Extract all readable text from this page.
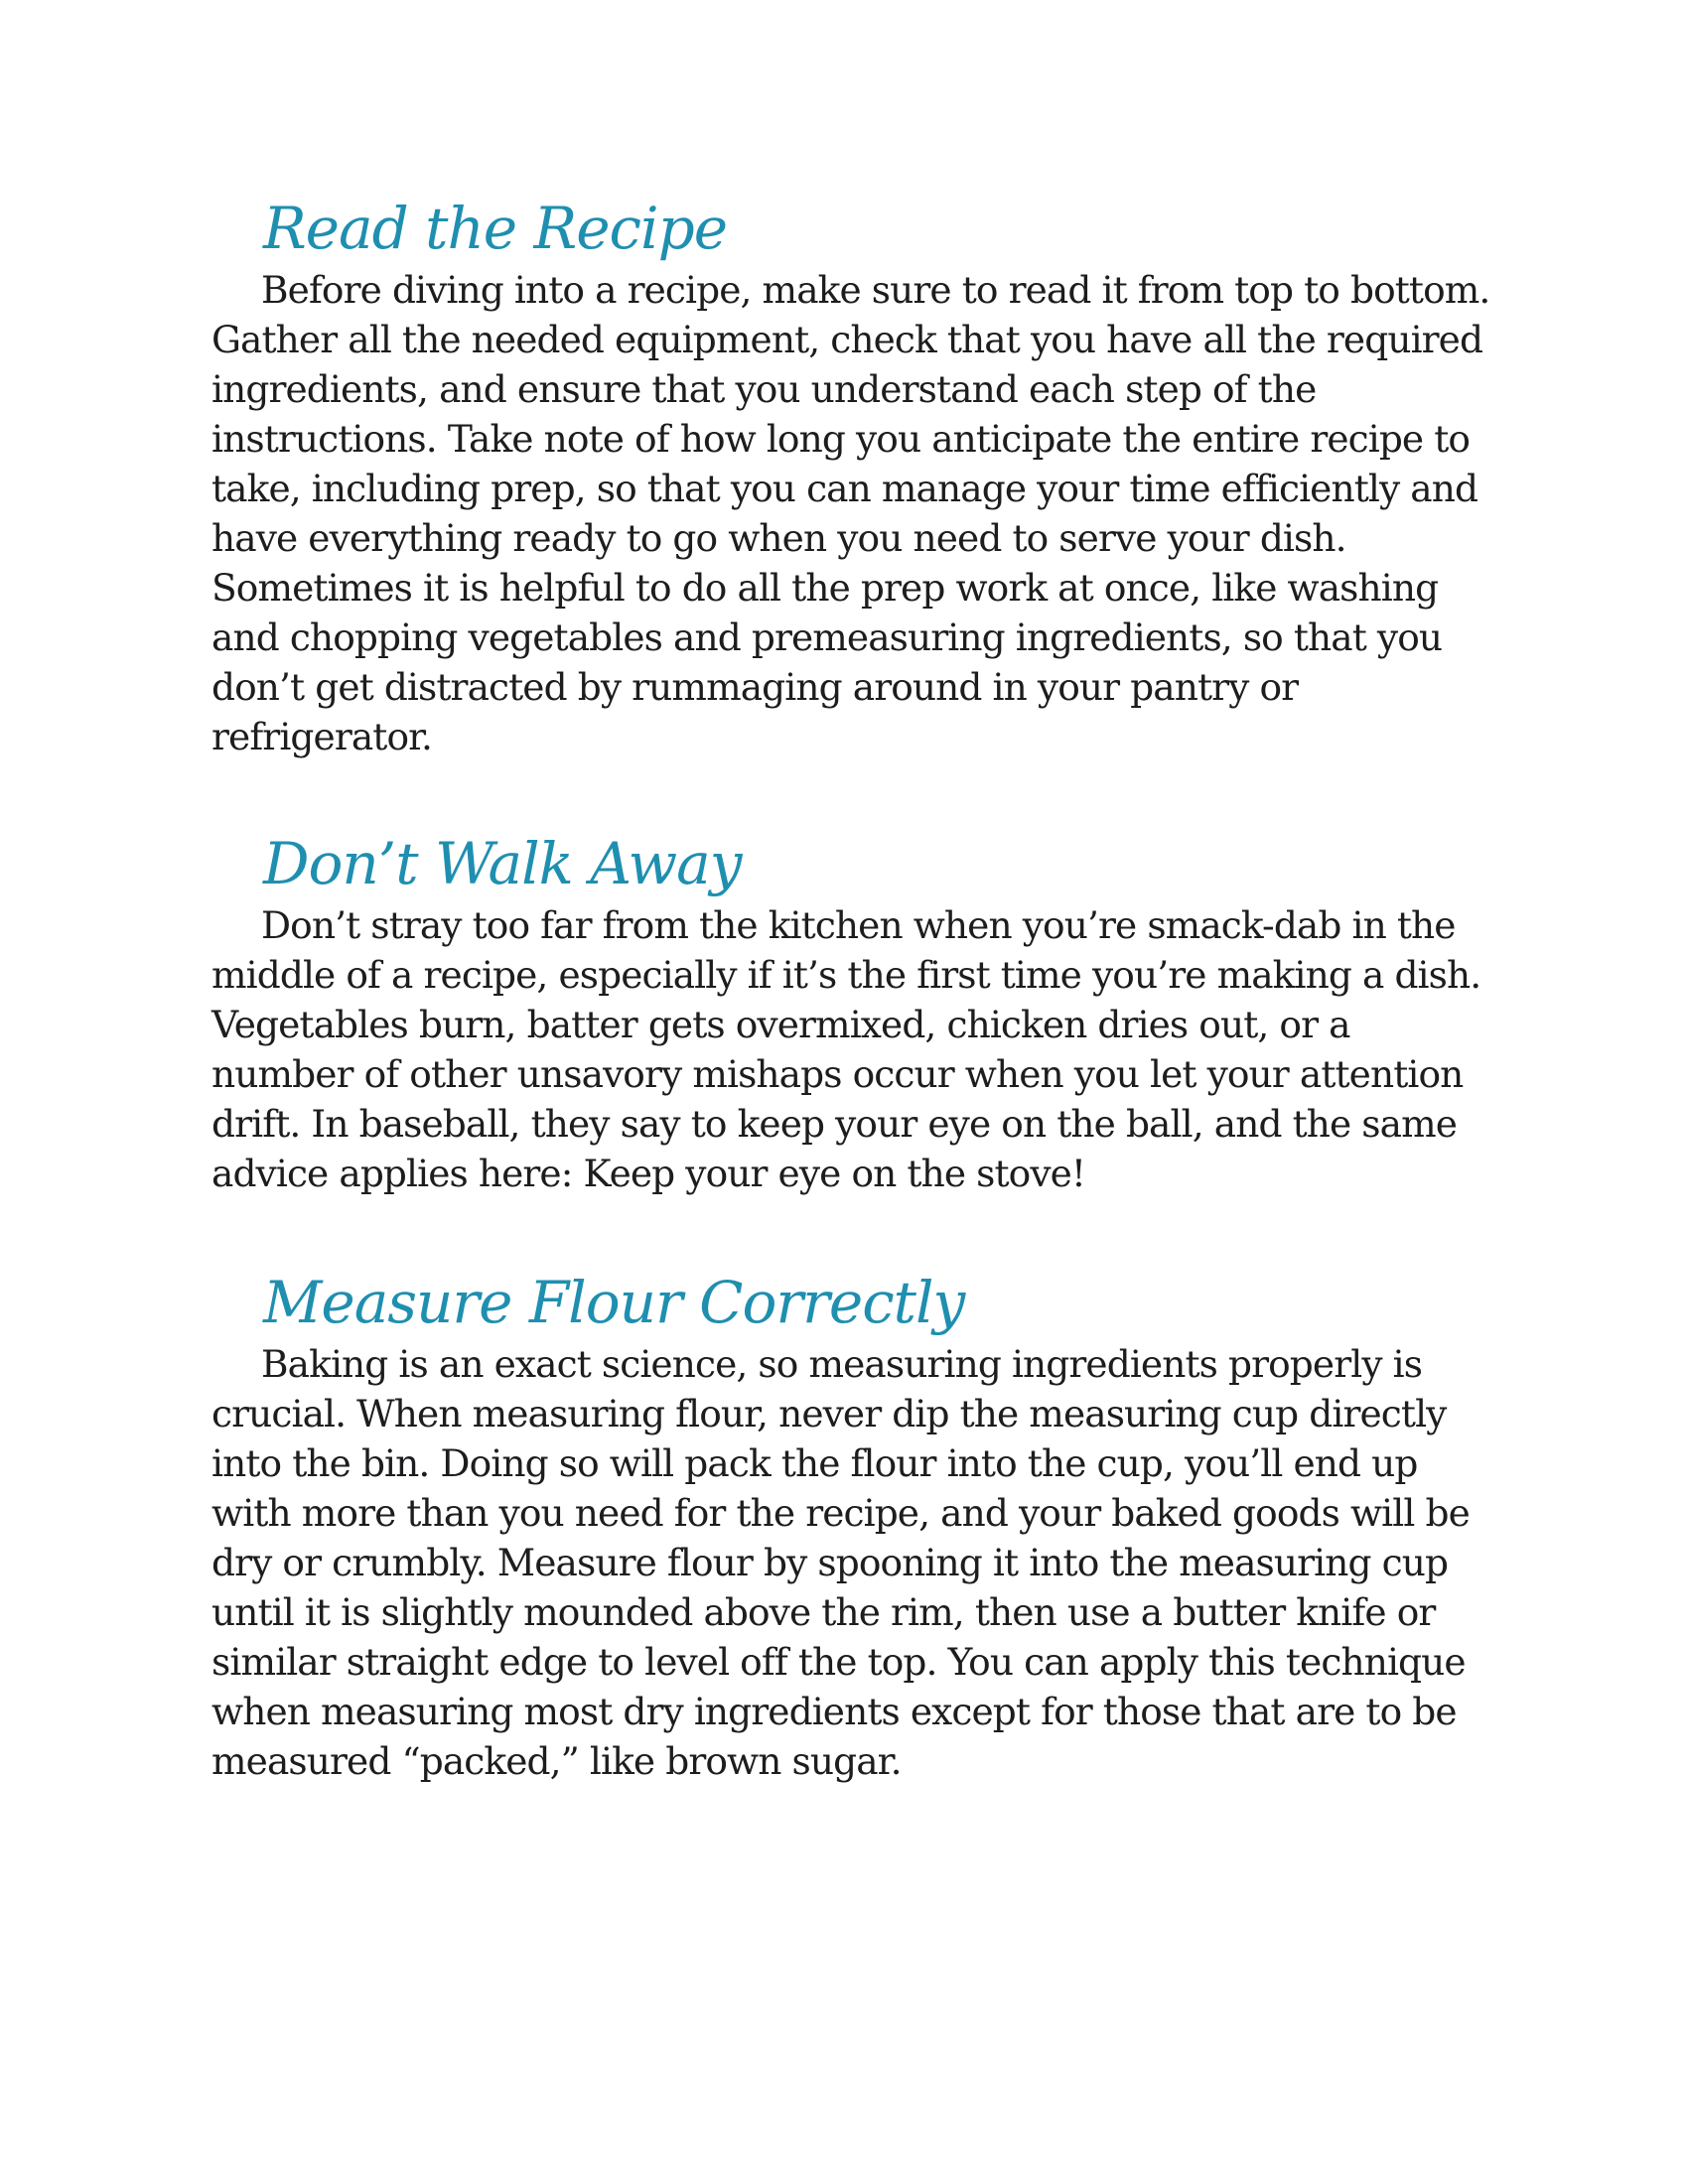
Read the Recipe

Before diving into a recipe, make sure to read it from top to bottom. Gather all the needed equipment, check that you have all the required ingredients, and ensure that you understand each step of the instructions. Take note of how long you anticipate the entire recipe to take, including prep, so that you can manage your time efficiently and have everything ready to go when you need to serve your dish. Sometimes it is helpful to do all the prep work at once, like washing and chopping vegetables and premeasuring ingredients, so that you don’t get distracted by rummaging around in your pantry or refrigerator.

Don’t Walk Away

Don’t stray too far from the kitchen when you’re smack-dab in the middle of a recipe, especially if it’s the first time you’re making a dish. Vegetables burn, batter gets overmixed, chicken dries out, or a number of other unsavory mishaps occur when you let your attention drift. In baseball, they say to keep your eye on the ball, and the same advice applies here: Keep your eye on the stove!

Measure Flour Correctly

Baking is an exact science, so measuring ingredients properly is crucial. When measuring flour, never dip the measuring cup directly into the bin. Doing so will pack the flour into the cup, you’ll end up with more than you need for the recipe, and your baked goods will be dry or crumbly. Measure flour by spooning it into the measuring cup until it is slightly mounded above the rim, then use a butter knife or similar straight edge to level off the top. You can apply this technique when measuring most dry ingredients except for those that are to be measured “packed,” like brown sugar.
